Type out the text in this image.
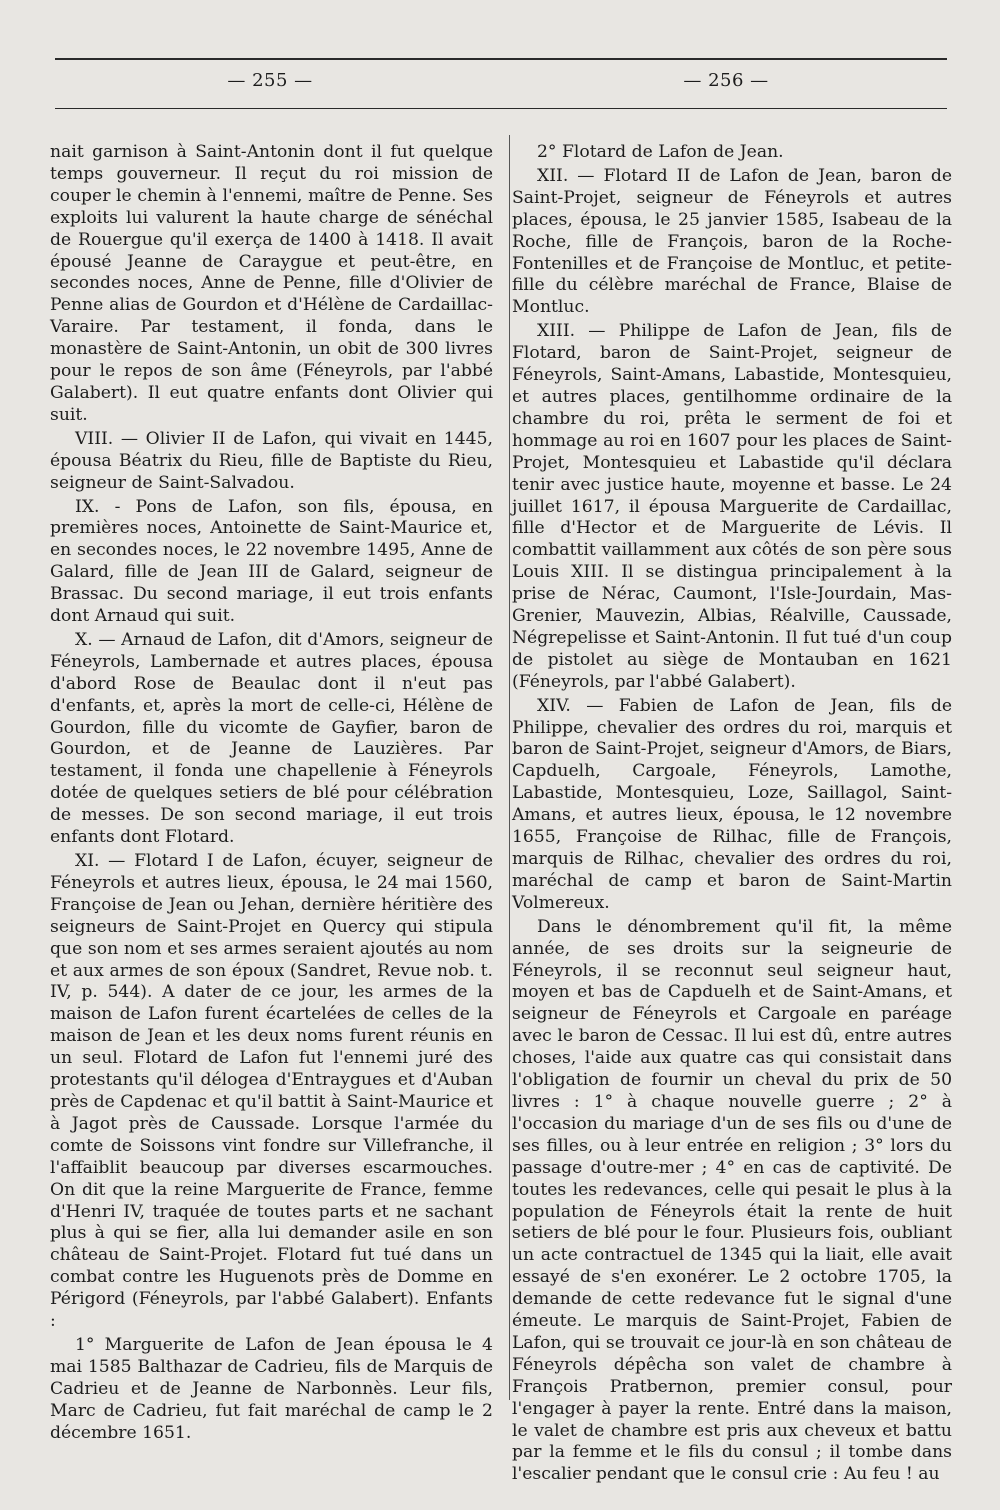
— 255 —	— 256 —

nait garnison à Saint-Antonin dont il fut quelque temps gouverneur. Il reçut du roi mission de couper le chemin à l'ennemi, maître de Penne. Ses exploits lui valurent la haute charge de sénéchal de Rouergue qu'il exerça de 1400 à 1418. Il avait épousé Jeanne de Caraygue et peut-être, en secondes noces, Anne de Penne, fille d'Olivier de Penne alias de Gourdon et d'Hélène de Cardaillac-Varaire. Par testament, il fonda, dans le monastère de Saint-Antonin, un obit de 300 livres pour le repos de son âme (Féneyrols, par l'abbé Galabert). Il eut quatre enfants dont Olivier qui suit.

VIII. — Olivier II de Lafon, qui vivait en 1445, épousa Béatrix du Rieu, fille de Baptiste du Rieu, seigneur de Saint-Salvadou.

IX. - Pons de Lafon, son fils, épousa, en premières noces, Antoinette de Saint-Maurice et, en secondes noces, le 22 novembre 1495, Anne de Galard, fille de Jean III de Galard, seigneur de Brassac. Du second mariage, il eut trois enfants dont Arnaud qui suit.

X. — Arnaud de Lafon, dit d'Amors, seigneur de Féneyrols, Lambernade et autres places, épousa d'abord Rose de Beaulac dont il n'eut pas d'enfants, et, après la mort de celle-ci, Hélène de Gourdon, fille du vicomte de Gayfier, baron de Gourdon, et de Jeanne de Lauzières. Par testament, il fonda une chapellenie à Féneyrols dotée de quelques setiers de blé pour célébration de messes. De son second mariage, il eut trois enfants dont Flotard.

XI. — Flotard I de Lafon, écuyer, seigneur de Féneyrols et autres lieux, épousa, le 24 mai 1560, Françoise de Jean ou Jehan, dernière héritière des seigneurs de Saint-Projet en Quercy qui stipula que son nom et ses armes seraient ajoutés au nom et aux armes de son époux (Sandret, Revue nob. t. IV, p. 544). A dater de ce jour, les armes de la maison de Lafon furent écartelées de celles de la maison de Jean et les deux noms furent réunis en un seul. Flotard de Lafon fut l'ennemi juré des protestants qu'il délogea d'Entraygues et d'Auban près de Capdenac et qu'il battit à Saint-Maurice et à Jagot près de Caussade. Lorsque l'armée du comte de Soissons vint fondre sur Villefranche, il l'affaiblit beaucoup par diverses escarmouches. On dit que la reine Marguerite de France, femme d'Henri IV, traquée de toutes parts et ne sachant plus à qui se fier, alla lui demander asile en son château de Saint-Projet. Flotard fut tué dans un combat contre les Huguenots près de Domme en Périgord (Féneyrols, par l'abbé Galabert). Enfants :

1° Marguerite de Lafon de Jean épousa le 4 mai 1585 Balthazar de Cadrieu, fils de Marquis de Cadrieu et de Jeanne de Narbonnès. Leur fils, Marc de Cadrieu, fut fait maréchal de camp le 2 décembre 1651.

2° Flotard de Lafon de Jean.

XII. — Flotard II de Lafon de Jean, baron de Saint-Projet, seigneur de Féneyrols et autres places, épousa, le 25 janvier 1585, Isabeau de la Roche, fille de François, baron de la Roche-Fontenilles et de Françoise de Montluc, et petite-fille du célèbre maréchal de France, Blaise de Montluc.

XIII. — Philippe de Lafon de Jean, fils de Flotard, baron de Saint-Projet, seigneur de Féneyrols, Saint-Amans, Labastide, Montesquieu, et autres places, gentilhomme ordinaire de la chambre du roi, prêta le serment de foi et hommage au roi en 1607 pour les places de Saint-Projet, Montesquieu et Labastide qu'il déclara tenir avec justice haute, moyenne et basse. Le 24 juillet 1617, il épousa Marguerite de Cardaillac, fille d'Hector et de Marguerite de Lévis. Il combattit vaillamment aux côtés de son père sous Louis XIII. Il se distingua principalement à la prise de Nérac, Caumont, l'Isle-Jourdain, Mas-Grenier, Mauvezin, Albias, Réalville, Caussade, Négrepelisse et Saint-Antonin. Il fut tué d'un coup de pistolet au siège de Montauban en 1621 (Féneyrols, par l'abbé Galabert).

XIV. — Fabien de Lafon de Jean, fils de Philippe, chevalier des ordres du roi, marquis et baron de Saint-Projet, seigneur d'Amors, de Biars, Capduelh, Cargoale, Féneyrols, Lamothe, Labastide, Montesquieu, Loze, Saillagol, Saint-Amans, et autres lieux, épousa, le 12 novembre 1655, Françoise de Rilhac, fille de François, marquis de Rilhac, chevalier des ordres du roi, maréchal de camp et baron de Saint-Martin Volmereux.

Dans le dénombrement qu'il fit, la même année, de ses droits sur la seigneurie de Féneyrols, il se reconnut seul seigneur haut, moyen et bas de Capduelh et de Saint-Amans, et seigneur de Féneyrols et Cargoale en paréage avec le baron de Cessac. Il lui est dû, entre autres choses, l'aide aux quatre cas qui consistait dans l'obligation de fournir un cheval du prix de 50 livres : 1° à chaque nouvelle guerre ; 2° à l'occasion du mariage d'un de ses fils ou d'une de ses filles, ou à leur entrée en religion ; 3° lors du passage d'outre-mer ; 4° en cas de captivité. De toutes les redevances, celle qui pesait le plus à la population de Féneyrols était la rente de huit setiers de blé pour le four. Plusieurs fois, oubliant un acte contractuel de 1345 qui la liait, elle avait essayé de s'en exonérer. Le 2 octobre 1705, la demande de cette redevance fut le signal d'une émeute. Le marquis de Saint-Projet, Fabien de Lafon, qui se trouvait ce jour-là en son château de Féneyrols dépêcha son valet de chambre à François Pratbernon, premier consul, pour l'engager à payer la rente. Entré dans la maison, le valet de chambre est pris aux cheveux et battu par la femme et le fils du consul ; il tombe dans l'escalier pendant que le consul crie : Au feu ! au
